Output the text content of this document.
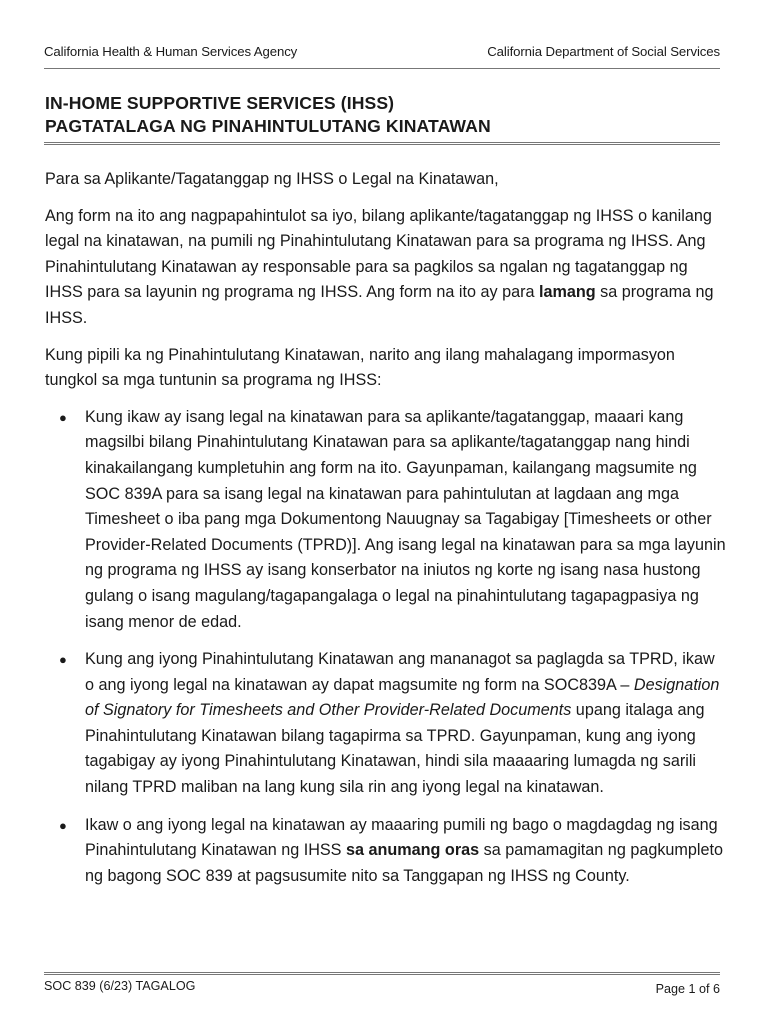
California Health & Human Services Agency	California Department of Social Services
IN-HOME SUPPORTIVE SERVICES (IHSS)
PAGTATALAGA NG PINAHINTULUTANG KINATAWAN

Para sa Aplikante/Tagatanggap ng IHSS o Legal na Kinatawan,

Ang form na ito ang nagpapahintulot sa iyo, bilang aplikante/tagatanggap ng IHSS o kanilang legal na kinatawan, na pumili ng Pinahintulutang Kinatawan para sa programa ng IHSS. Ang Pinahintulutang Kinatawan ay responsable para sa pagkilos sa ngalan ng tagatanggap ng IHSS para sa layunin ng programa ng IHSS. Ang form na ito ay para lamang sa programa ng IHSS.

Kung pipili ka ng Pinahintulutang Kinatawan, narito ang ilang mahalagang impormasyon tungkol sa mga tuntunin sa programa ng IHSS:

● Kung ikaw ay isang legal na kinatawan para sa aplikante/tagatanggap, maaari kang magsilbi bilang Pinahintulutang Kinatawan para sa aplikante/tagatanggap nang hindi kinakailangang kumpletuhin ang form na ito. Gayunpaman, kailangang magsumite ng SOC 839A para sa isang legal na kinatawan para pahintulutan at lagdaan ang mga Timesheet o iba pang mga Dokumentong Nauugnay sa Tagabigay [Timesheets or other Provider-Related Documents (TPRD)]. Ang isang legal na kinatawan para sa mga layunin ng programa ng IHSS ay isang konserbator na iniutos ng korte ng isang nasa hustong gulang o isang magulang/tagapangalaga o legal na pinahintulutang tagapagpasiya ng isang menor de edad.
● Kung ang iyong Pinahintulutang Kinatawan ang mananagot sa paglagda sa TPRD, ikaw o ang iyong legal na kinatawan ay dapat magsumite ng form na SOC839A – Designation of Signatory for Timesheets and Other Provider-Related Documents upang italaga ang Pinahintulutang Kinatawan bilang tagapirma sa TPRD. Gayunpaman, kung ang iyong tagabigay ay iyong Pinahintulutang Kinatawan, hindi sila maaaaring lumagda ng sarili nilang TPRD maliban na lang kung sila rin ang iyong legal na kinatawan.
● Ikaw o ang iyong legal na kinatawan ay maaaring pumili ng bago o magdagdag ng isang Pinahintulutang Kinatawan ng IHSS sa anumang oras sa pamamagitan ng pagkumpleto ng bagong SOC 839 at pagsusumite nito sa Tanggapan ng IHSS ng County.
SOC 839 (6/23) TAGALOG	Page 1 of 6
